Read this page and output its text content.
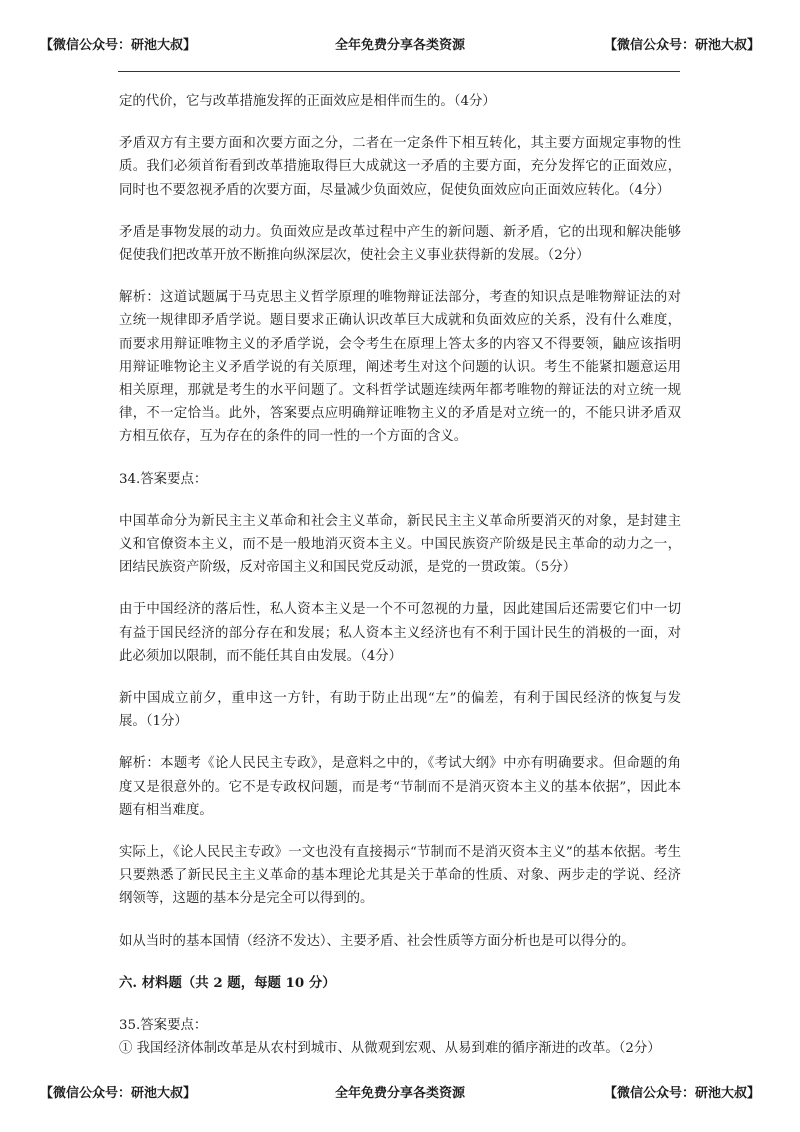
【微信公众号：研池大叔】	全年免费分享各类资源	【微信公众号：研池大叔】

定的代价，它与改革措施发挥的正面效应是相伴而生的。（4分）

矛盾双方有主要方面和次要方面之分，二者在一定条件下相互转化，其主要方面规定事物的性质。我们必须首衔看到改革措施取得巨大成就这一矛盾的主要方面，充分发挥它的正面效应，同时也不要忽视矛盾的次要方面，尽量减少负面效应，促使负面效应向正面效应转化。（4分）

矛盾是事物发展的动力。负面效应是改革过程中产生的新问题、新矛盾，它的出现和解决能够促使我们把改革开放不断推向纵深层次，使社会主义事业获得新的发展。（2分）

解析：这道试题属于马克思主义哲学原理的唯物辩证法部分，考查的知识点是唯物辩证法的对立统一规律即矛盾学说。题目要求正确认识改革巨大成就和负面效应的关系，没有什么难度，而要求用辩证唯物主义的矛盾学说，会令考生在原理上答太多的内容又不得要领，鼬应该指明用辩证唯物论主义矛盾学说的有关原理，阐述考生对这个问题的认识。考生不能紧扣题意运用相关原理，那就是考生的水平问题了。文科哲学试题连续两年都考唯物的辩证法的对立统一规律，不一定恰当。此外，答案要点应明确辩证唯物主义的矛盾是对立统一的，不能只讲矛盾双方相互依存，互为存在的条件的同一性的一个方面的含义。

34.答案要点：

中国革命分为新民主主义革命和社会主义革命，新民民主主义革命所要消灭的对象，是封建主义和官僚资本主义，而不是一般地消灭资本主义。中国民族资产阶级是民主革命的动力之一，团结民族资产阶级，反对帝国主义和国民党反动派，是党的一贯政策。（5分）

由于中国经济的落后性，私人资本主义是一个不可忽视的力量，因此建国后还需要它们中一切有益于国民经济的部分存在和发展；私人资本主义经济也有不利于国计民生的消极的一面，对此必须加以限制，而不能任其自由发展。（4分）

新中国成立前夕，重申这一方针，有助于防止出现“左”的偏差，有利于国民经济的恢复与发展。（1分）

解析：本题考《论人民民主专政》，是意料之中的，《考试大纲》中亦有明确要求。但命题的角度又是很意外的。它不是专政权问题，而是考“节制而不是消灭资本主义的基本依据”，因此本题有相当难度。

实际上，《论人民民主专政》一文也没有直接揭示“节制而不是消灭资本主义”的基本依据。考生只要熟悉了新民民主主义革命的基本理论尤其是关于革命的性质、对象、两步走的学说、经济纲领等，这题的基本分是完全可以得到的。

如从当时的基本国情（经济不发达）、主要矛盾、社会性质等方面分析也是可以得分的。

六. 材料题（共 2 题，每题 10 分）

35.答案要点：

① 我国经济体制改革是从农村到城市、从微观到宏观、从易到难的循序渐进的改革。（2分）

【微信公众号：研池大叔】	全年免费分享各类资源	【微信公众号：研池大叔】
